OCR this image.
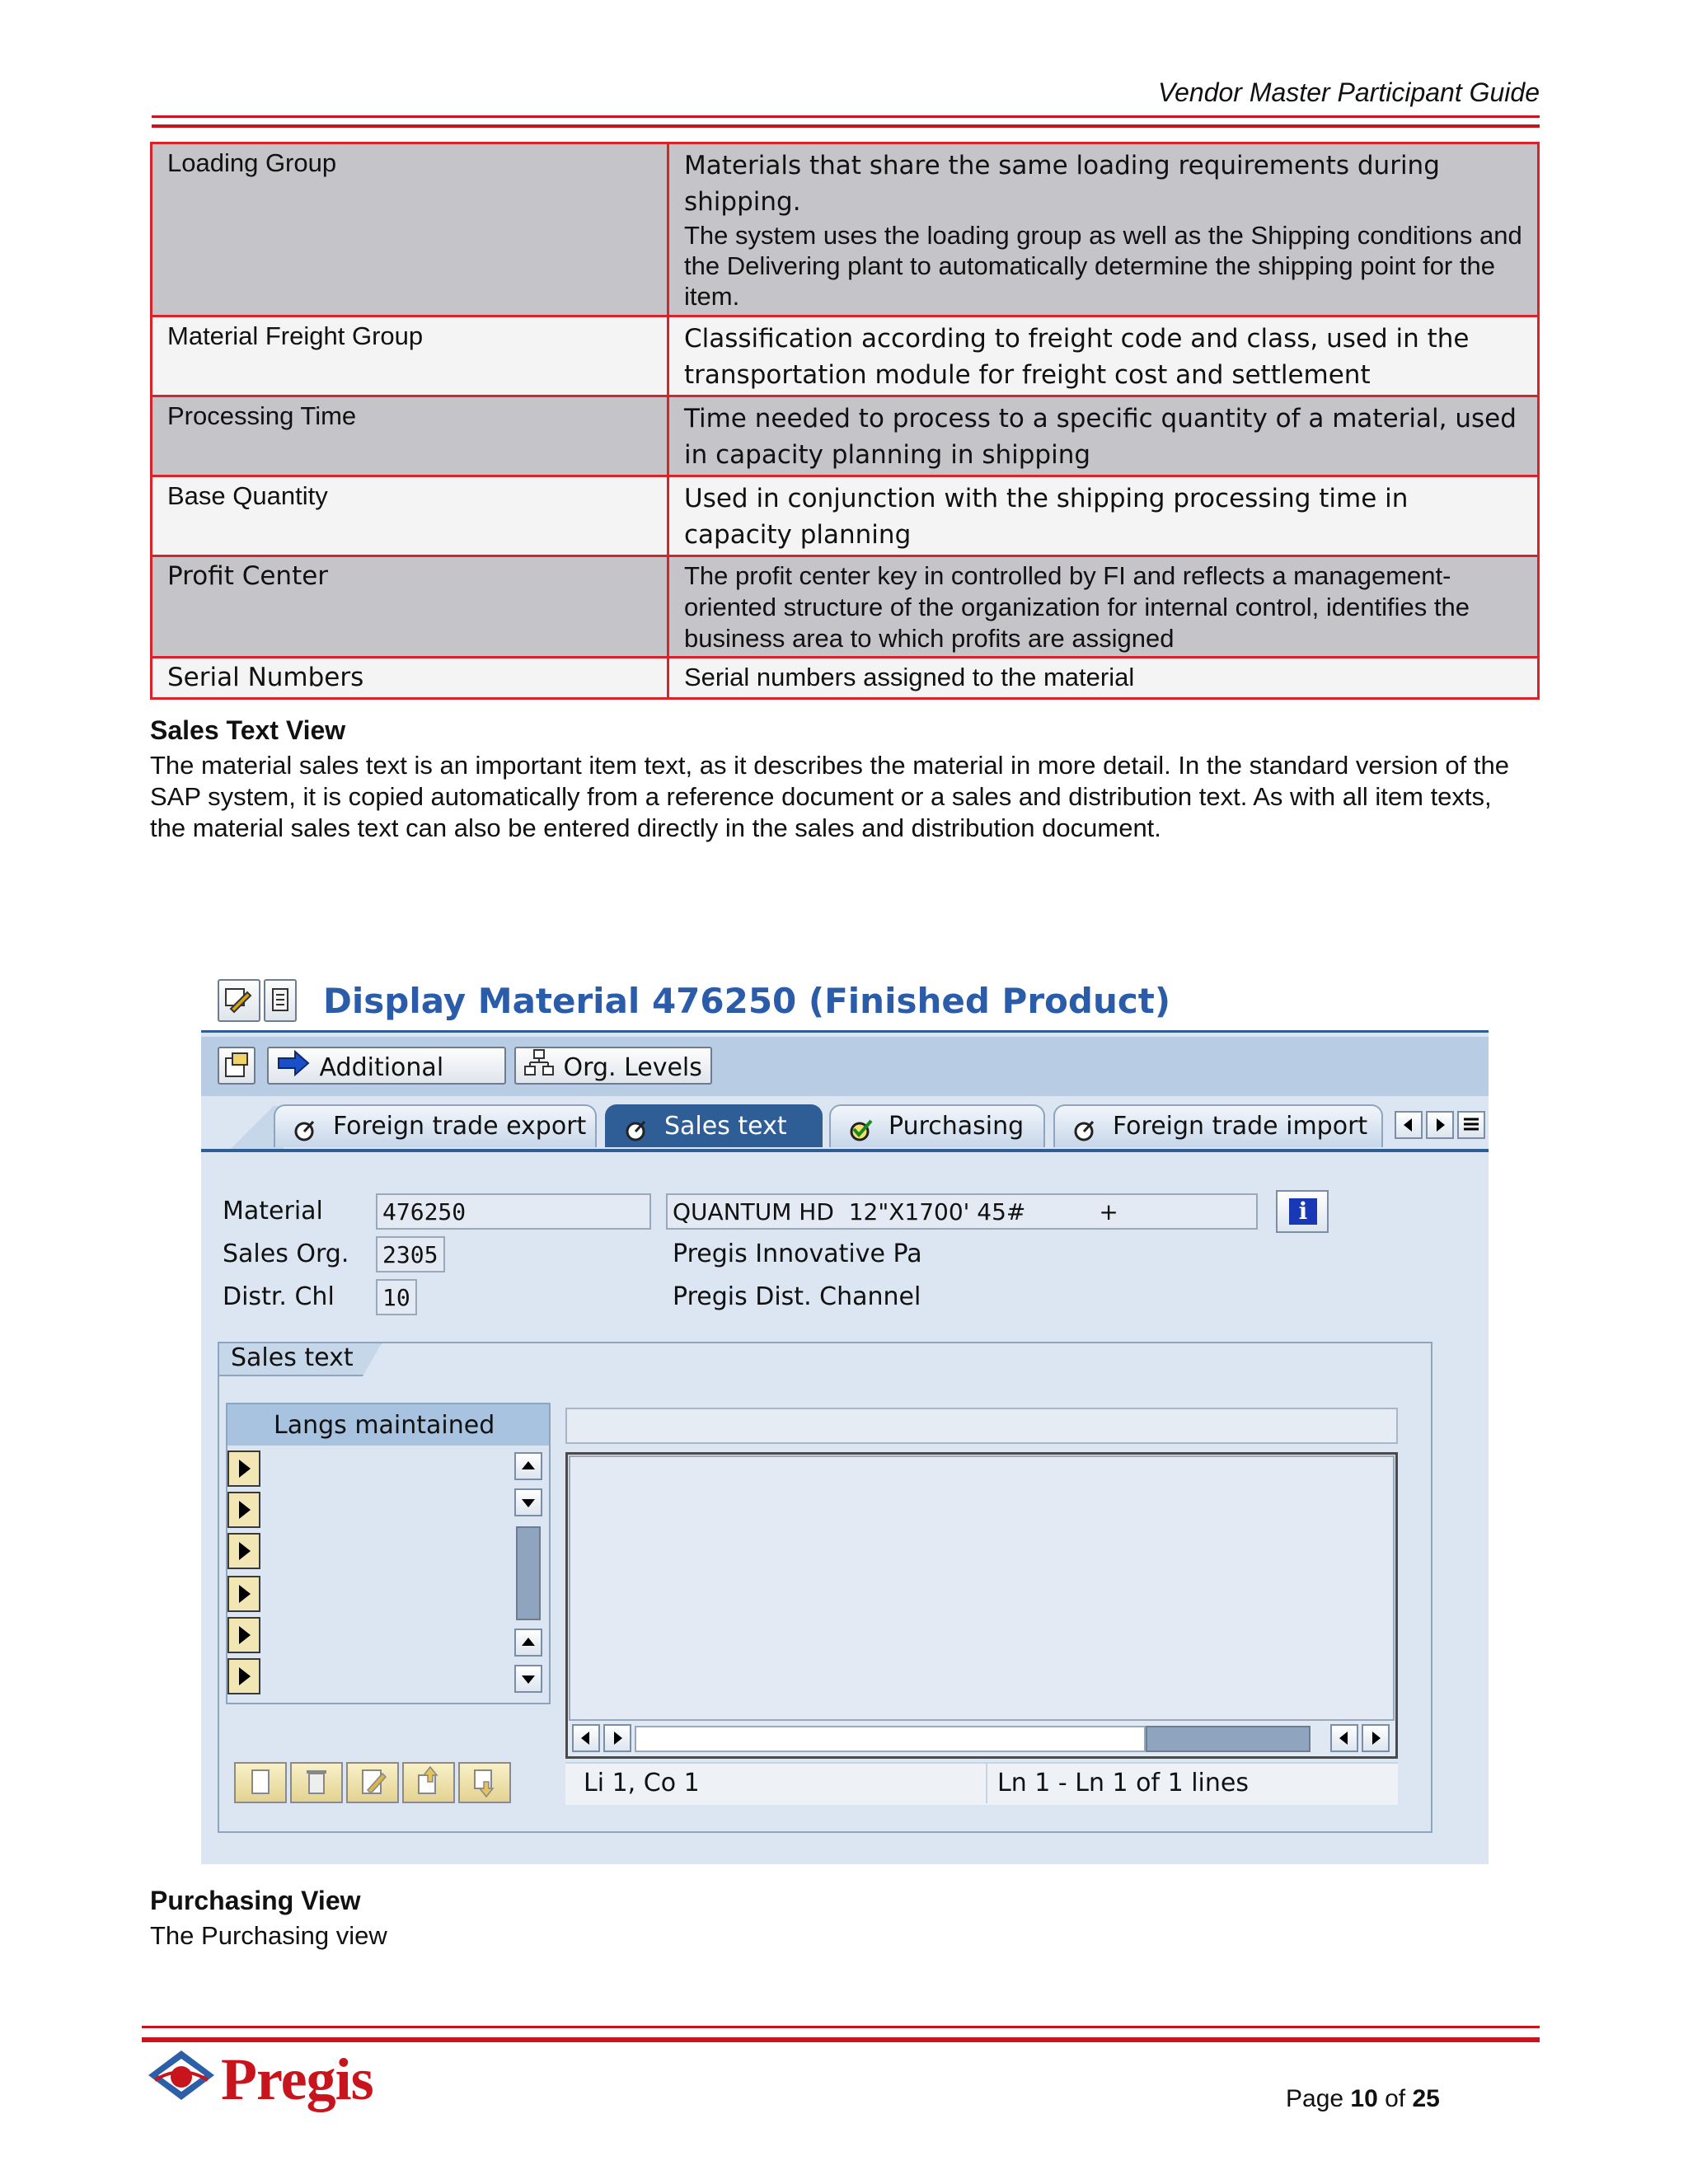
Vendor Master Participant Guide
Loading Group	Materials that share the same loading requirements during shipping.
The system uses the loading group as well as the Shipping conditions and the Delivering plant to automatically determine the shipping point for the item.

Material Freight Group	Classification according to freight code and class, used in the transportation module for freight cost and settlement
Processing Time	Time needed to process to a specific quantity of a material, used in capacity planning in shipping
Base Quantity	Used in conjunction with the shipping processing time in capacity planning
Profit Center	The profit center key in controlled by FI and reflects a management-oriented structure of the organization for internal control, identifies the business area to which profits are assigned
Serial Numbers	Serial numbers assigned to the material
Sales Text View
The material sales text is an important item text, as it describes the material in more detail. In the standard version of the SAP system, it is copied automatically from a reference document or a sales and distribution text. As with all item texts, the material sales text can also be entered directly in the sales and distribution document.
Display Material 476250 (Finished Product)
Additional	Org. Levels
Foreign trade export	Sales text	Purchasing	Foreign trade import
Material	476250	QUANTUM HD  12"X1700' 45#          +	i
Sales Org. 2305	Pregis Innovative Pa
Distr. Chl 10	Pregis Dist. Channel
Sales text
Langs maintained
Li 1, Co 1	Ln 1 - Ln 1 of 1 lines
Purchasing View
The Purchasing view
Pregis	Page 10 of 25
